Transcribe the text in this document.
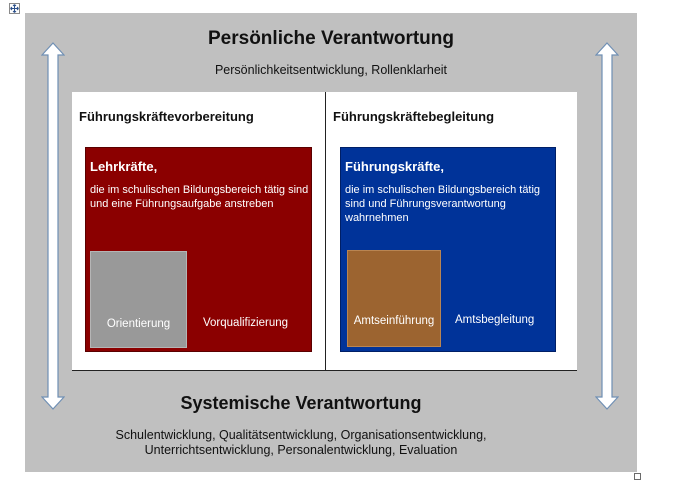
Persönliche Verantwortung
Persönlichkeitsentwicklung, Rollenklarheit
Führungskräftevorbereitung	Führungskräftebegleitung
Lehrkräfte,
die im schulischen Bildungsbereich tätig sind und eine Führungsaufgabe anstreben
Orientierung	Vorqualifizierung
Führungskräfte,
die im schulischen Bildungsbereich tätig sind und Führungsverantwortung wahrnehmen
Amtseinführung	Amtsbegleitung
Systemische Verantwortung
Schulentwicklung, Qualitätsentwicklung, Organisationsentwicklung,
Unterrichtsentwicklung, Personalentwicklung, Evaluation
